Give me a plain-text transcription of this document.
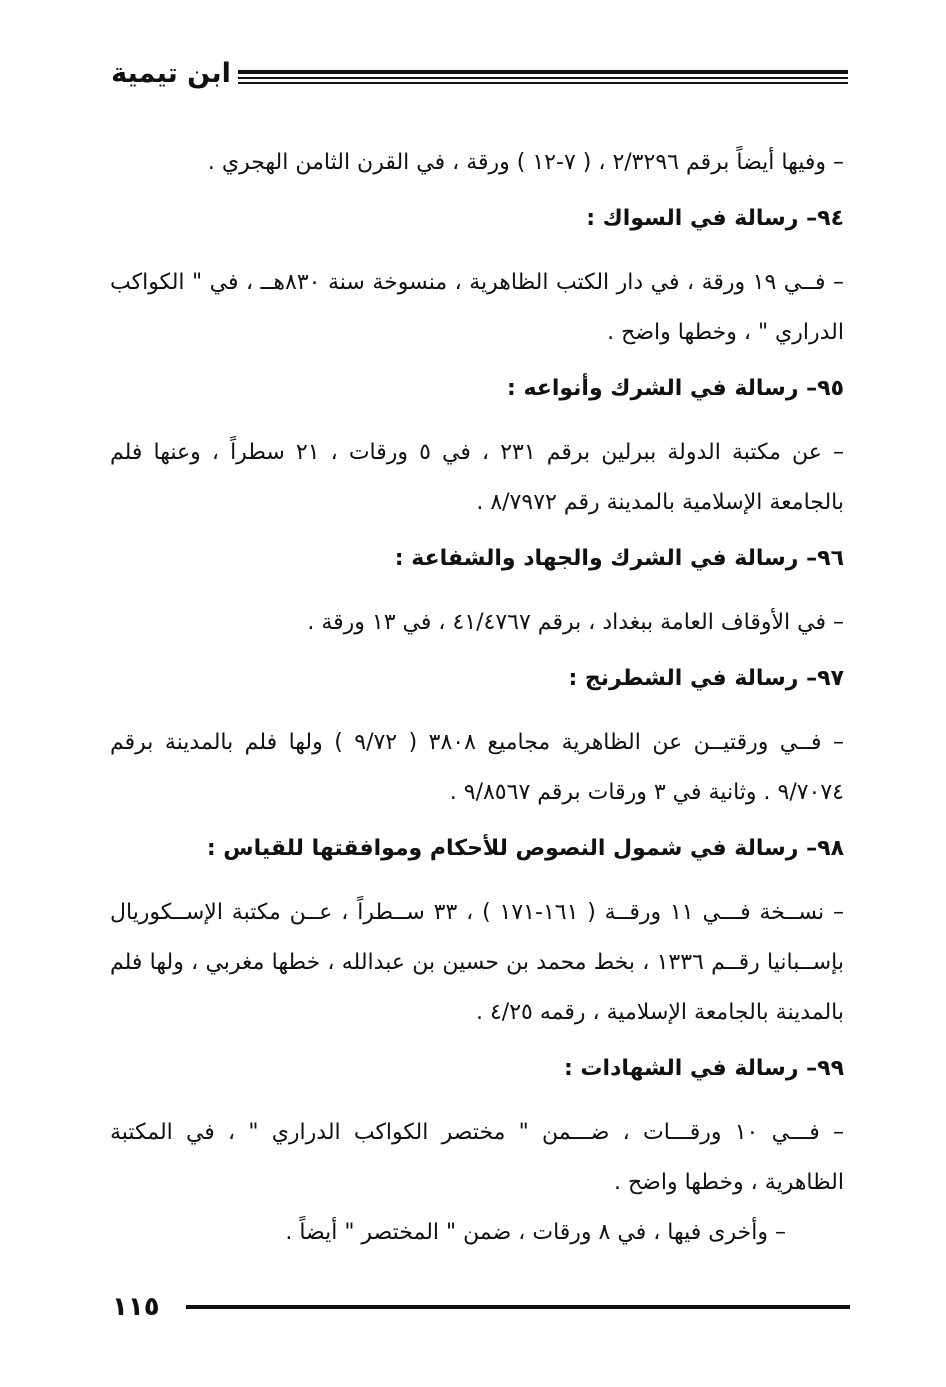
ابن تيمية

– وفيها أيضاً برقم ٢/٣٢٩٦ ، ( ٧-١٢ ) ورقة ، في القرن الثامن الهجري .

٩٤– رسالة في السواك :

– فــي ١٩ ورقة ، في دار الكتب الظاهرية ، منسوخة سنة ٨٣٠هــ ، في " الكواكب الدراري " ، وخطها واضح .

٩٥– رسالة في الشرك وأنواعه :

– عن مكتبة الدولة ببرلين برقم ٢٣١ ، في ٥ ورقات ، ٢١ سطراً ، وعنها فلم بالجامعة الإسلامية بالمدينة رقم ٨/٧٩٧٢ .

٩٦– رسالة في الشرك والجهاد والشفاعة :

– في الأوقاف العامة ببغداد ، برقم ٤١/٤٧٦٧ ، في ١٣ ورقة .

٩٧– رسالة في الشطرنج :

– فــي ورقتيــن عن الظاهرية مجاميع ٣٨٠٨ ( ٩/٧٢ ) ولها فلم بالمدينة برقم ٩/٧٠٧٤ . وثانية في ٣ ورقات برقم ٩/٨٥٦٧ .

٩٨– رسالة في شمول النصوص للأحكام وموافقتها للقياس :

– نســخة فـــي ١١ ورقــة ( ١٦١-١٧١ ) ، ٣٣ ســطراً ، عــن مكتبة الإســكوريال بإســبانيا رقــم ١٣٣٦ ، بخط محمد بن حسين بن عبدالله ، خطها مغربي ، ولها فلم بالمدينة بالجامعة الإسلامية ، رقمه ٤/٢٥ .

٩٩– رسالة في الشهادات :

– فـــي ١٠ ورقـــات ، ضـــمن " مختصر الكواكب الدراري " ، في المكتبة الظاهرية ، وخطها واضح .

– وأخرى فيها ، في ٨ ورقات ، ضمن " المختصر " أيضاً .

١١٥
